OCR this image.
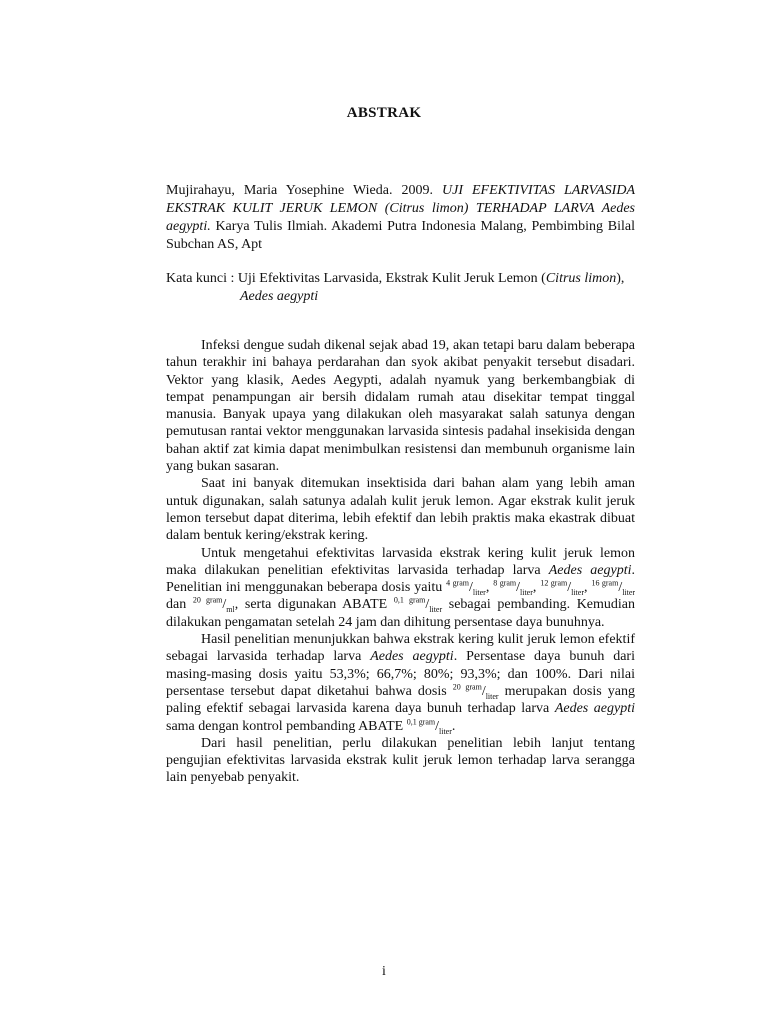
ABSTRAK
Mujirahayu, Maria Yosephine Wieda. 2009. UJI EFEKTIVITAS LARVASIDA EKSTRAK KULIT JERUK LEMON (Citrus limon) TERHADAP LARVA Aedes aegypti. Karya Tulis Ilmiah. Akademi Putra Indonesia Malang, Pembimbing Bilal Subchan AS, Apt
Kata kunci : Uji Efektivitas Larvasida, Ekstrak Kulit Jeruk Lemon (Citrus limon),
Aedes aegypti

Infeksi dengue sudah dikenal sejak abad 19, akan tetapi baru dalam beberapa tahun terakhir ini bahaya perdarahan dan syok akibat penyakit tersebut disadari. Vektor yang klasik, Aedes Aegypti, adalah nyamuk yang berkembangbiak di tempat penampungan air bersih didalam rumah atau disekitar tempat tinggal manusia. Banyak upaya yang dilakukan oleh masyarakat salah satunya dengan pemutusan rantai vektor menggunakan larvasida sintesis padahal insekisida dengan bahan aktif zat kimia dapat menimbulkan resistensi dan membunuh organisme lain yang bukan sasaran.

Saat ini banyak ditemukan insektisida dari bahan alam yang lebih aman untuk digunakan, salah satunya adalah kulit jeruk lemon. Agar ekstrak kulit jeruk lemon tersebut dapat diterima, lebih efektif dan lebih praktis maka ekastrak dibuat dalam bentuk kering/ekstrak kering.

Untuk mengetahui efektivitas larvasida ekstrak kering kulit jeruk lemon maka dilakukan penelitian efektivitas larvasida terhadap larva Aedes aegypti. Penelitian ini menggunakan beberapa dosis yaitu $^{4 gram}/_{liter}$, $^{8 gram}/_{liter}$, $^{12 gram}/_{liter}$, $^{16 gram}/_{liter}$ dan $^{20 gram}/_{ml}$, serta digunakan ABATE $^{0,1 gram}/_{liter}$ sebagai pembanding. Kemudian dilakukan pengamatan setelah 24 jam dan dihitung persentase daya bunuhnya.

Hasil penelitian menunjukkan bahwa ekstrak kering kulit jeruk lemon efektif sebagai larvasida terhadap larva Aedes aegypti. Persentase daya bunuh dari masing-masing dosis yaitu 53,3%; 66,7%; 80%; 93,3%; dan 100%. Dari nilai persentase tersebut dapat diketahui bahwa dosis $^{20 gram}/_{liter}$ merupakan dosis yang paling efektif sebagai larvasida karena daya bunuh terhadap larva Aedes aegypti sama dengan kontrol pembanding ABATE $^{0,1 gram}/_{liter}$.

Dari hasil penelitian, perlu dilakukan penelitian lebih lanjut tentang pengujian efektivitas larvasida ekstrak kulit jeruk lemon terhadap larva serangga lain penyebab penyakit.

i
